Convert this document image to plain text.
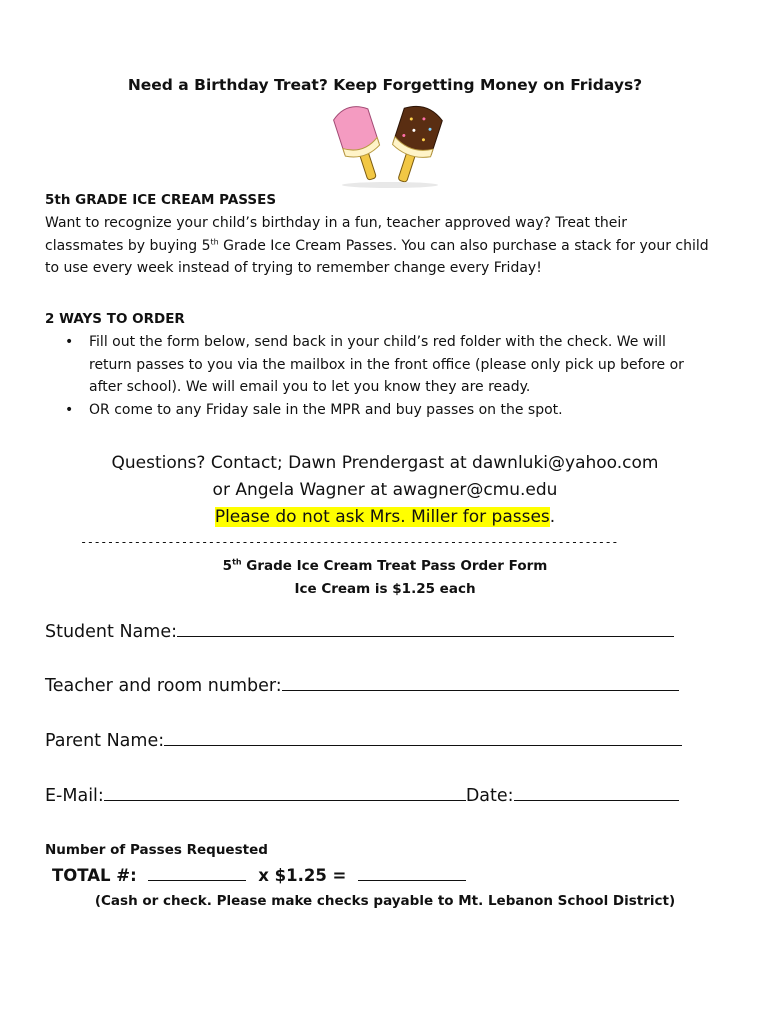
Need a Birthday Treat? Keep Forgetting Money on Fridays?
5th GRADE ICE CREAM PASSES
Want to recognize your child’s birthday in a fun, teacher approved way? Treat their
classmates by buying 5th Grade Ice Cream Passes. You can also purchase a stack for your child
to use every week instead of trying to remember change every Friday!
2 WAYS TO ORDER
• Fill out the form below, send back in your child’s red folder with the check. We will
return passes to you via the mailbox in the front office (please only pick up before or
after school). We will email you to let you know they are ready.
• OR come to any Friday sale in the MPR and buy passes on the spot.
Questions? Contact; Dawn Prendergast at dawnluki@yahoo.com
or Angela Wagner at awagner@cmu.edu
Please do not ask Mrs. Miller for passes.
--------------------------------------------------------------------------------
5th Grade Ice Cream Treat Pass Order Form
Ice Cream is $1.25 each
Student Name:
Teacher and room number:
Parent Name:
E-Mail:	Date:
Number of Passes Requested
TOTAL #:	x $1.25 =
(Cash or check. Please make checks payable to Mt. Lebanon School District)
